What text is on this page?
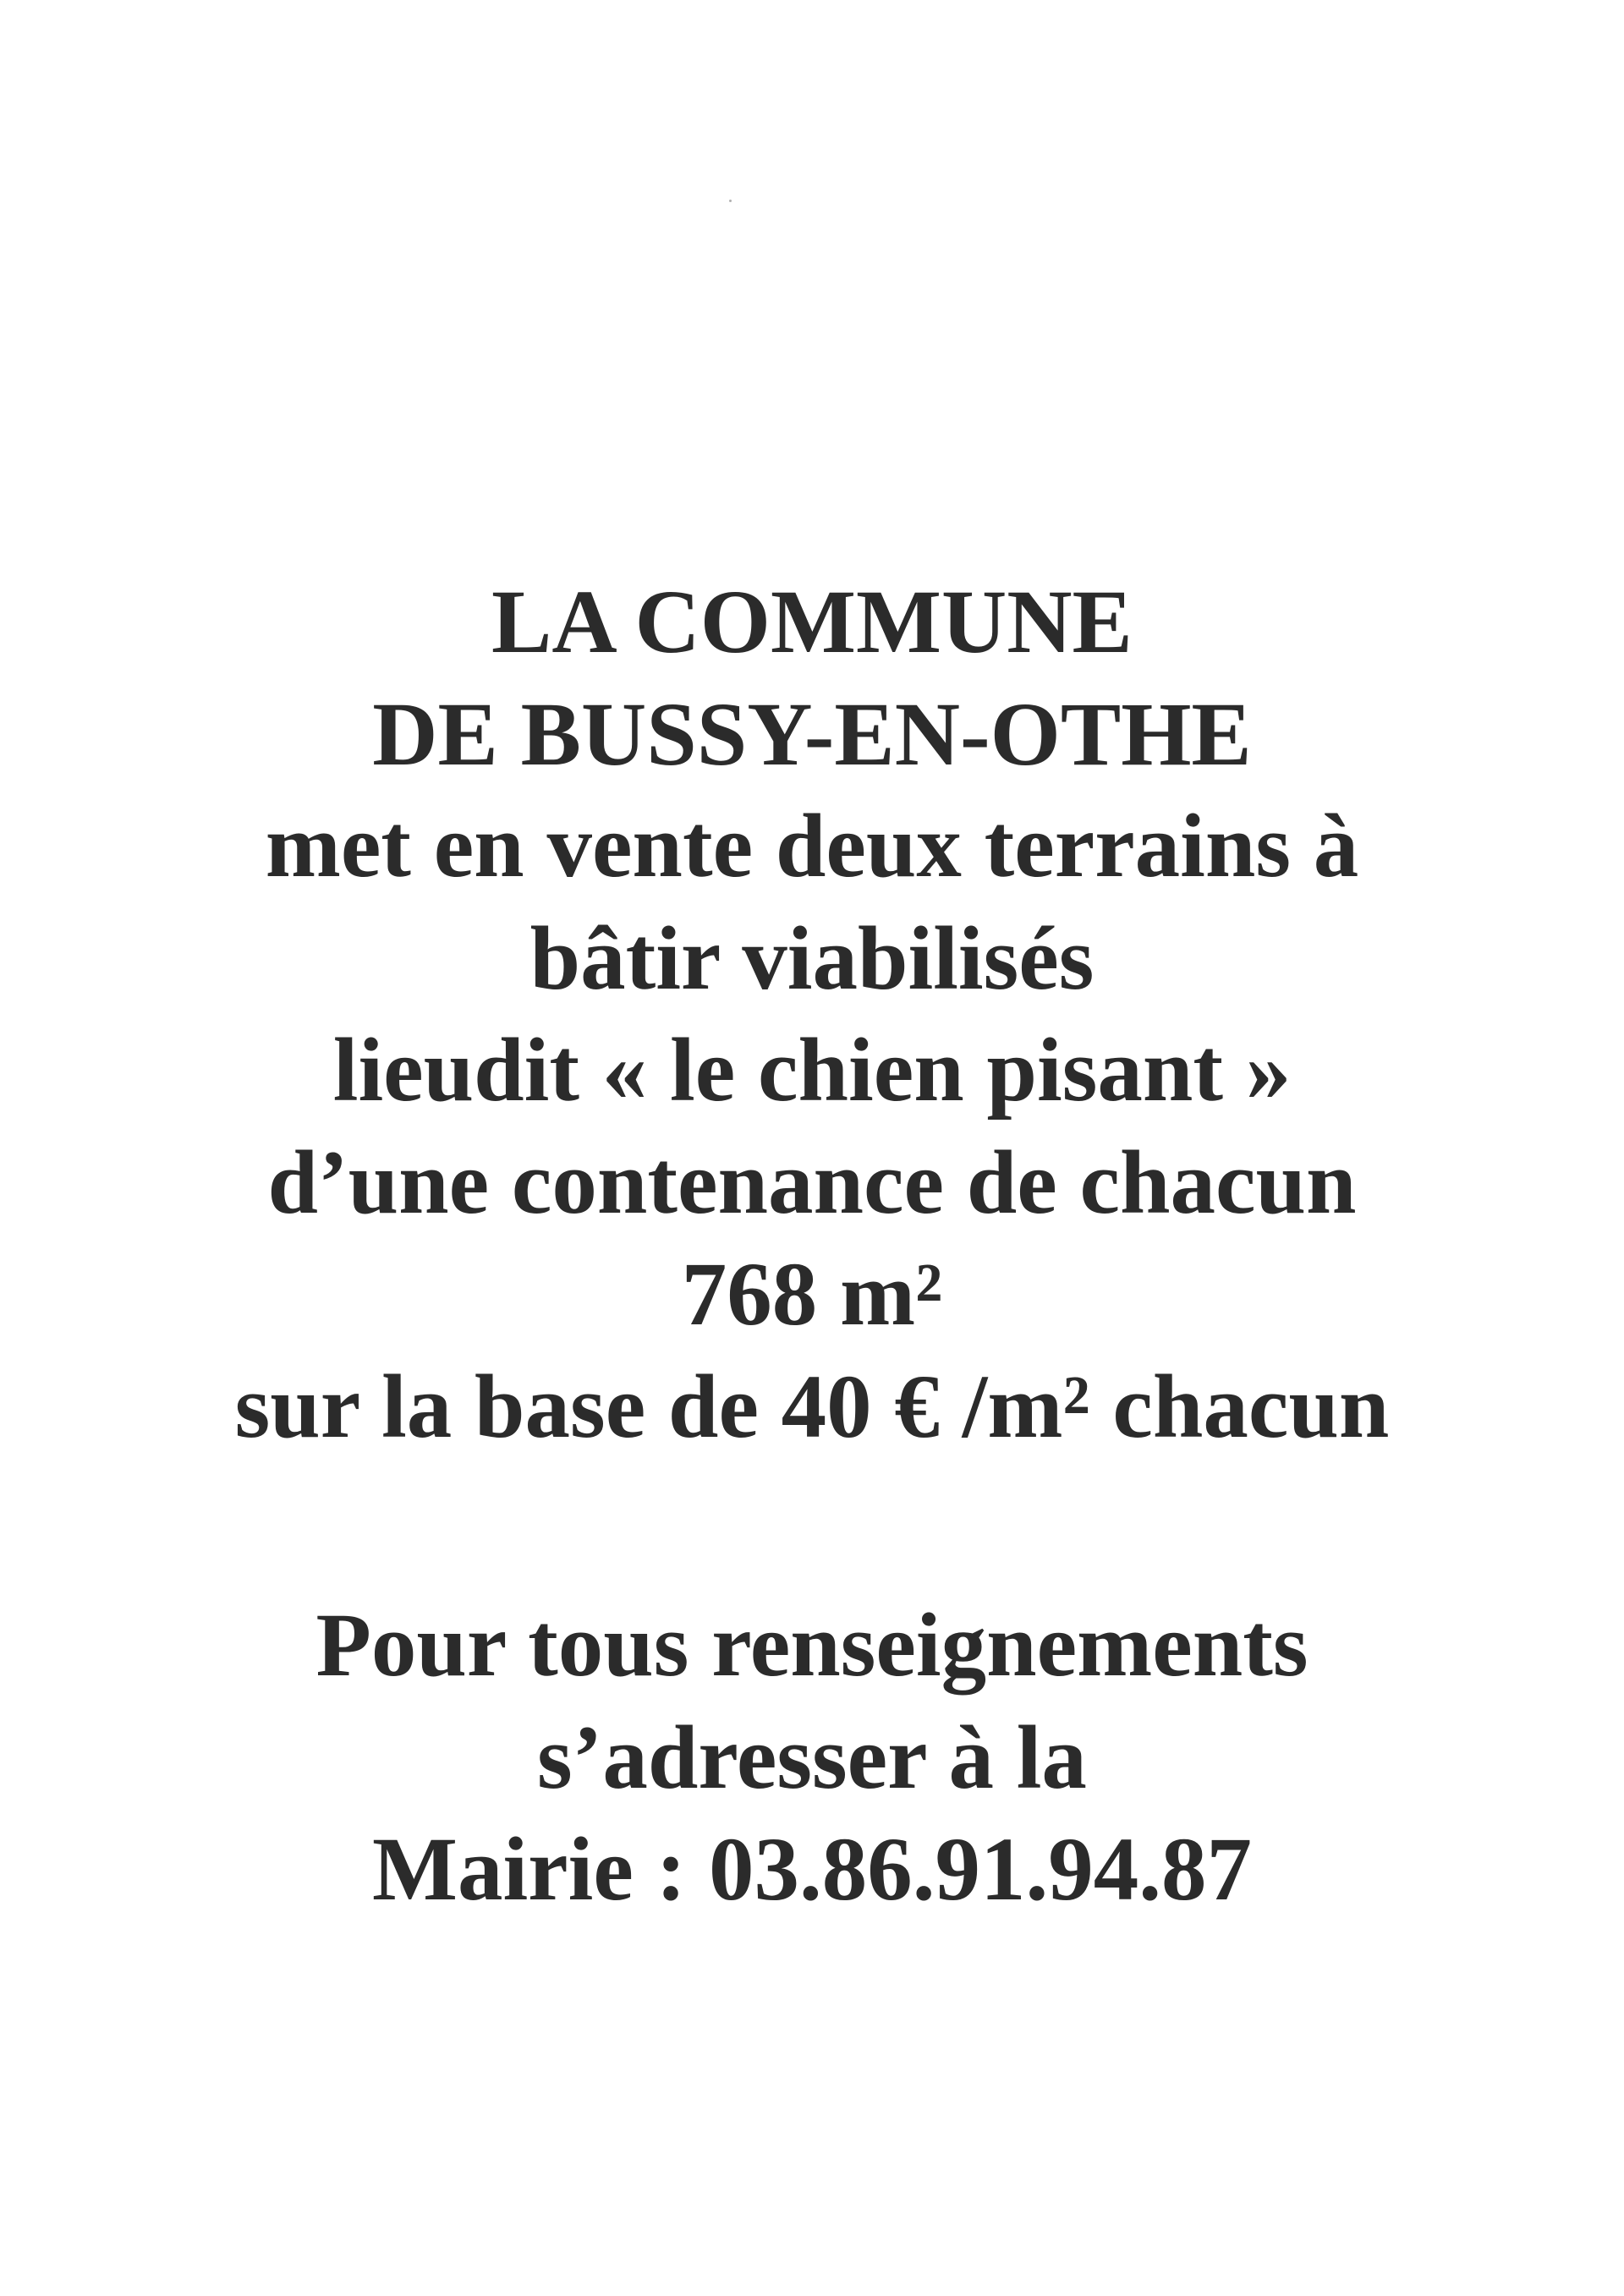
LA COMMUNE
DE BUSSY-EN-OTHE
met en vente deux terrains à
bâtir viabilisés
lieudit « le chien pisant »
d’une contenance de chacun
768 m²
sur la base de 40 € /m² chacun
Pour tous renseignements
s’adresser à la
Mairie : 03.86.91.94.87
